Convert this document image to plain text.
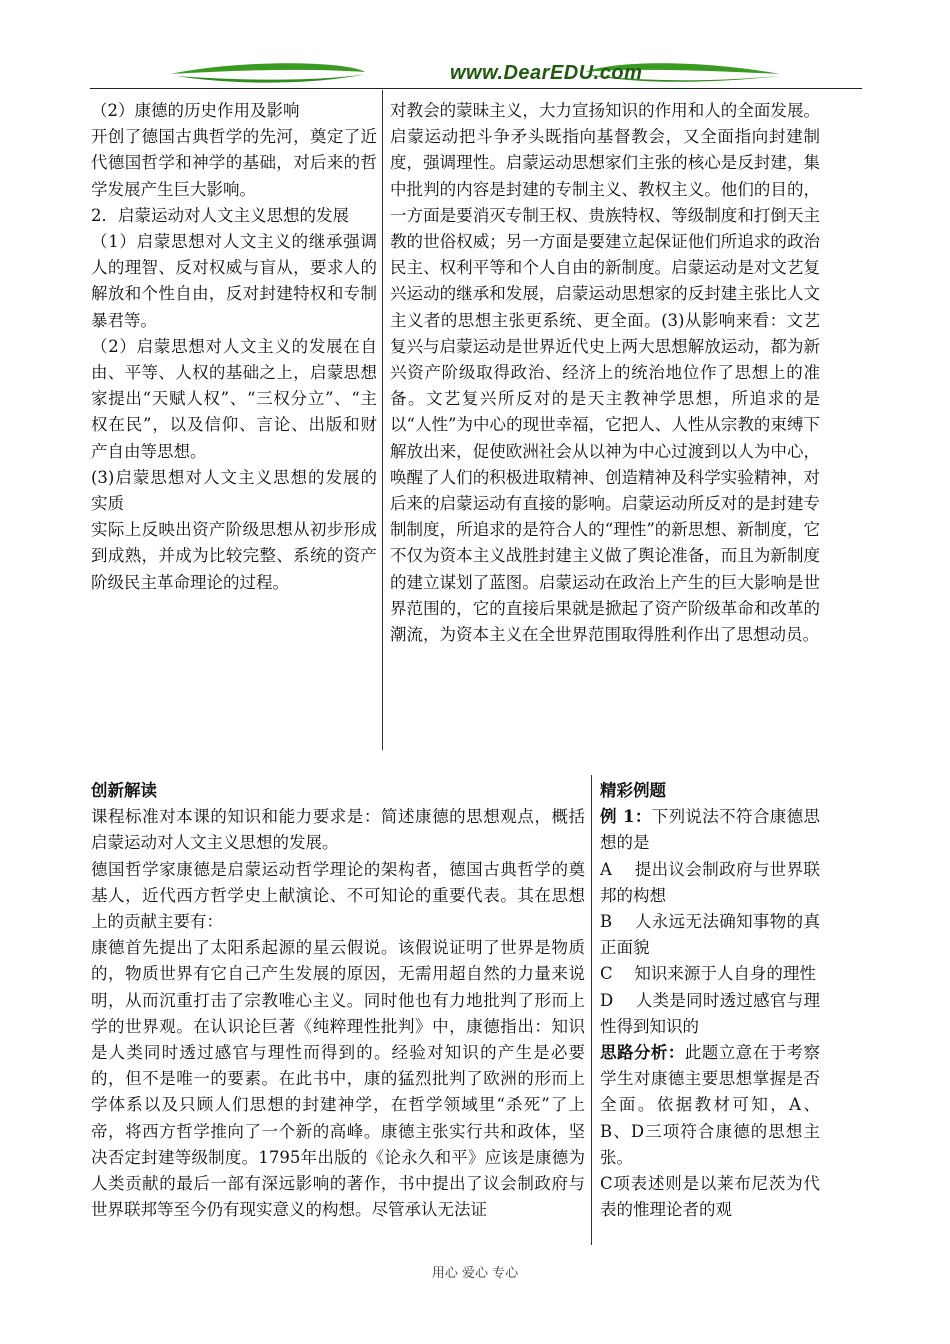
www.DearEDU.com

（2）康德的历史作用及影响

开创了德国古典哲学的先河，奠定了近代德国哲学和神学的基础，对后来的哲学发展产生巨大影响。

2．启蒙运动对人文主义思想的发展

（1）启蒙思想对人文主义的继承强调人的理智、反对权威与盲从，要求人的解放和个性自由，反对封建特权和专制暴君等。

（2）启蒙思想对人文主义的发展在自由、平等、人权的基础之上，启蒙思想家提出“天赋人权”、“三权分立”、“主权在民”，以及信仰、言论、出版和财产自由等思想。

(3)启蒙思想对人文主义思想的发展的实质

实际上反映出资产阶级思想从初步形成到成熟，并成为比较完整、系统的资产阶级民主革命理论的过程。

对教会的蒙昧主义，大力宣扬知识的作用和人的全面发展。启蒙运动把斗争矛头既指向基督教会，又全面指向封建制度，强调理性。启蒙运动思想家们主张的核心是反封建，集中批判的内容是封建的专制主义、教权主义。他们的目的，一方面是要消灭专制王权、贵族特权、等级制度和打倒天主教的世俗权威；另一方面是要建立起保证他们所追求的政治民主、权利平等和个人自由的新制度。启蒙运动是对文艺复兴运动的继承和发展，启蒙运动思想家的反封建主张比人文主义者的思想主张更系统、更全面。(3)从影响来看：文艺复兴与启蒙运动是世界近代史上两大思想解放运动，都为新兴资产阶级取得政治、经济上的统治地位作了思想上的准备。文艺复兴所反对的是天主教神学思想，所追求的是以“人性”为中心的现世幸福，它把人、人性从宗教的束缚下解放出来，促使欧洲社会从以神为中心过渡到以人为中心，唤醒了人们的积极进取精神、创造精神及科学实验精神，对后来的启蒙运动有直接的影响。启蒙运动所反对的是封建专制制度，所追求的是符合人的“理性”的新思想、新制度，它不仅为资本主义战胜封建主义做了舆论准备，而且为新制度的建立谋划了蓝图。启蒙运动在政治上产生的巨大影响是世界范围的，它的直接后果就是掀起了资产阶级革命和改革的潮流，为资本主义在全世界范围取得胜利作出了思想动员。

创新解读

课程标准对本课的知识和能力要求是：简述康德的思想观点，概括启蒙运动对人文主义思想的发展。

德国哲学家康德是启蒙运动哲学理论的架构者，德国古典哲学的奠基人，近代西方哲学史上献演论、不可知论的重要代表。其在思想上的贡献主要有：

康德首先提出了太阳系起源的星云假说。该假说证明了世界是物质的，物质世界有它自己产生发展的原因，无需用超自然的力量来说明，从而沉重打击了宗教唯心主义。同时他也有力地批判了形而上学的世界观。在认识论巨著《纯粹理性批判》中，康德指出：知识是人类同时透过感官与理性而得到的。经验对知识的产生是必要的，但不是唯一的要素。在此书中，康的猛烈批判了欧洲的形而上学体系以及只顾人们思想的封建神学，在哲学领域里“杀死”了上帝，将西方哲学推向了一个新的高峰。康德主张实行共和政体，坚决否定封建等级制度。1795年出版的《论永久和平》应该是康德为人类贡献的最后一部有深远影响的著作，书中提出了议会制政府与世界联邦等至今仍有现实意义的构想。尽管承认无法证

精彩例题

例 1：下列说法不符合康德思想的是

A　 提出议会制政府与世界联邦的构想

B　 人永远无法确知事物的真正面貌

C　 知识来源于人自身的理性

D　 人类是同时透过感官与理性得到知识的

思路分析：此题立意在于考察学生对康德主要思想掌握是否全面。依据教材可知，A、B、D三项符合康德的思想主张。

C项表述则是以莱布尼茨为代表的惟理论者的观

用心 爱心 专心
